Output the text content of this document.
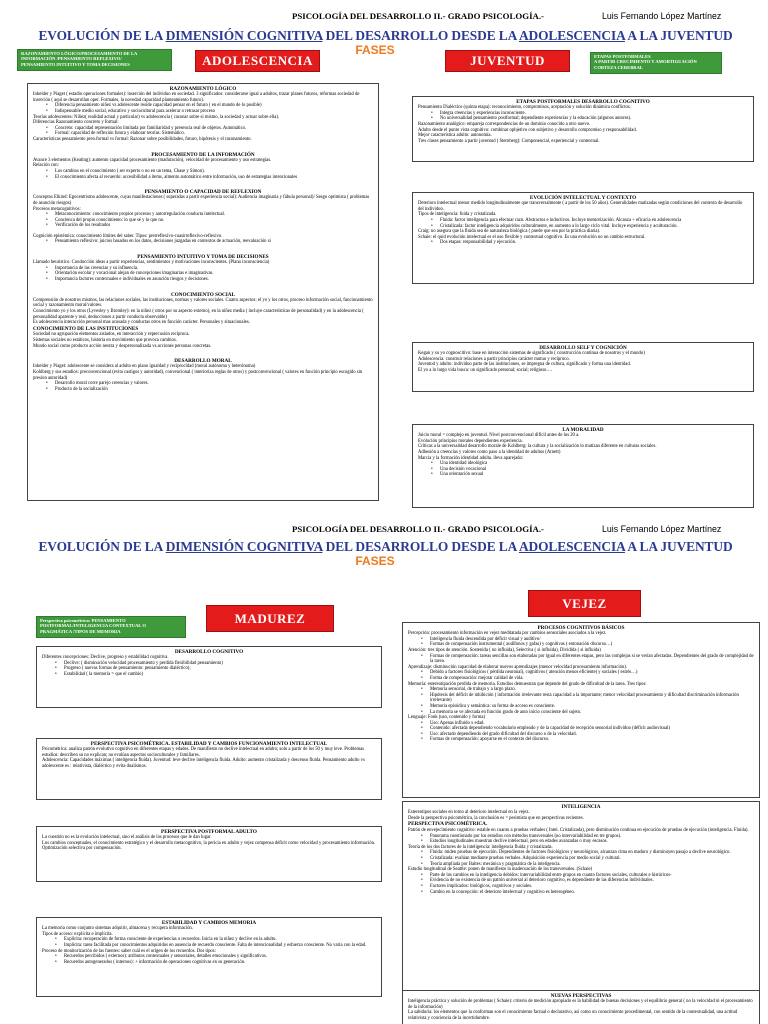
PSICOLOGÍA DEL DESARROLLO II.- GRADO PSICOLOGÍA.-	Luis Fernando López Martínez
EVOLUCIÓN DE LA DIMENSIÓN COGNITIVA DEL DESARROLLO DESDE LA ADOLESCENCIA A LA JUVENTUD
FASES
RAZONAMIENTO LÓGICO/PROCESAMIENTO DE LA
INFORMACIÓN /PENSAMIENTO REFLEXIVO/
PENSAMIENTO INTUITIVO Y TOMA DECISIONES	ADOLESCENCIA	JUVENTUD	ETAPAS POSTFORMALES
A PARTIR CRECIMIENTO Y AMORTIGUACIÓN
CORTEZA CEREBRAL
RAZONAMIENTO LÓGICO
Inhelder y Piaget ( estadio operaciones formales): inserción del individuo en sociedad. 3 significados: considerarse igual a adultos, trazar planes futuros, reformas sociedad de inserción ( aquí se desarrollan oper. Formales, la novedad capacidad planteamiento futuro).
• Diferencia pensamiento niñez vs adolescente reside capacidad pensar en el futuro ( en el mundo de lo posible)
• Indispensable medio social, educativo y sociocultural para acelerar o retrasar proceso
Teorías adolescentes: Niñez( realidad actual y particular) vs adolescencia ( razonar sobre si mismo, la sociedad y actuar sobre ella).
Diferencias Razonamiento concreto y formal:
• Concreto: capacidad representación limitada por familiaridad y presencia real de objetos. Automático.
• Formal: capacidad de reflexión futura y elaborar teorías. Sistemático.
Características pensamiento preo.formal vs formal: Razonar sobre posibilidades, futuro, hipótesis y el razonamiento.
PROCESAMIENTO DE LA INFORMACIÓN
Avance 3 elementos (Keating): aumento capacidad procesamiento (maduración), velocidad de procesamiento y uso estrategias.
Relación con:
• Los cambios en el conocimiento ( ser experto o no en un tema, Chase y Simon).
• El conocimiento afecta al recuerdo: accesibilidad a ítems, almento automático entre información, uso de estrategias intencionales
PENSAMIENTO O CAPACIDAD DE REFLEXION
Conceptos Elkind: Egocentrismo adolescente, cuyas manifestaciones ( superadas a partir experiencia social): Audiencia imaginaria y fábula personal)/ Sesgo optimista ( problemas de asunción riesgos)
Procesos metacognitivos:
• Metaconocimiento: conocimiento propios procesos y autorregulación conducta intelectual.
• Concienca del propio conocimiento: lo que sé y lo que no.
• Verificación de los resultados
Cognición epistémica: conocimiento límites del saber. Tipos: prerreflexivo-cuasirreflexivo-reflexivo.
• Pensamiento reflexivo: juicios basados en los datos, decisiones juzgadas en contextos de actuación, reevaluación si
PENSAMIENTO INTUITIVO Y TOMA DE DECISIONES
Llamado heurístico. Conducción ideas a partir experiencias, sentimientos y motivaciones inconscientes. (Plano inconsciencia)
• Importancia de las creencias y su influencia.
• Orientación escolar y vocacional alejan de concepciones imaginarias e imaginativas.
• Importancia factores contextuales e individuales en asunción riesgos y decisiones.
CONOCIMIENTO SOCIAL
Comprensión de nosotros mismos, las relaciones sociales, las instituciones, normas y valores sociales. Cuatro aspectos: el yo y los otros, proceso información social, funcionamiento social y razonamiento moral/valores.
Conocimiento yo y los otros (Lyvesley y Bromley): en la niñez ( otros por su aspecto externo), en la niñez media ( incluye características de personalidad) y en la adolescencia ( personalidad aparente y real, deducciones a partir conducta observable)
Es adolescencia interacción personal mas acusada y conductas otros en función carácter. Personales y situacionales.
CONOCIMIENTO DE LAS INSTITUCIONES
Sociedad no agrupación elementos aislados, en interacción y repercusión recíproca.
Sistemas sociales no estáticos, historia en movimiento que provoca cambios.
Mundo social como producto acción neutra y despersonalizada vs.acciones personas concretas.
DESARROLLO MORAL
Inhelder y Piaget: adolescente se considera al adulto en plano igualdad y reciprocidad (moral autónoma y heterónoma)
Kohlberg y sus estadios: preconvencional (evita castigos y autoridad), convencional ( interioriza reglas de otros) y postconvencional ( valores en función principio escogido sin presion autoridad)
• Desarrollo moral corre parejo creencias y valores.
• Producto de la socialización
ETAPAS POSTFORMALES DESARROLLO COGNITIVO
Pensamiento Dialéctico (quinta etapa): reconocimiento, compromisos, aceptación y solución dinámica conflictos.
• Integra creencias y experiencias inconsciente.
• No universalidad pensamiento postformal; dependiente experiencias y la educación (algunos autores).
Razonamiento analógico: empareja correspondencias de un dominio conocido a otro nuevo.
Adulto desde el punto vista cognitivo: combinar opbjetivo con subjetivo y desarrollo compromiso y responsabilidad.
Mejor característica adulto: autonomía.
Tres clases pensamiento a partir juventud ( Sternberg): Componencial, experiencial y contextual.
EVOLUCIÓN INTELECTUAL Y CONTEXTO
Deterioro intelectual menor medido longitudinalmente que transversalmente ( a partir de los 50 años). Generalidades matizadas según condiciones del contexto de desarrollo del individuo.
Tipos de inteligencia: fuida y cristalizada.
• Fluida: factor inteligencia para efectuar razn. Abstractos e inductivos. Incluye memorización. Alcanza + eficacia en adolescencia
• Cristalizada: factor inteligencia adquiridos culturalmente, en aumento a lo largo ciclo vital. Incluye experiencia y aculturación.
Craig: no asegura que la fluida sea de naturaleza biológica ( puede que sea por la práctica diaria).
Schaie: el quid evolución intelectual es el uso flexible y contextual cognitivo. Es una evolución no un cambio estructural.
• Dos etapas: responsabilidad y ejecución.
DESARROLLO SELF Y COGNICIÓN
Kegan y su yo cognoscitivo: base en interacción sistemas de significado ( construcción continua de nosotros y el mundo)
Adolescencia: construir relaciones a partir principios carácter mutuo y recíproco.
Juventud y adulto: individuo parte de las instituciones, se impregna de cultura, significado y forma una identidad.
El yo a lo largo vida busca: un significado personal; social; religioso….
LA MORALIDAD
Juicio moral = complejo en juventud. Nivel postconvencional difícil antes de los 20 a.
Evolución principios morales dependientes experiencia.
Críticas a la universalidad desarrollo morale de Kohlberg: la cultura y la socialización lo matizan diferente en culturas sociales.
Adhesión a creencias y valores como paso a la identidad de adultos (Arnett)
Marcia y la formación identidad adulta. lleva aparejado:
• Una identidad ideológica
• Una decisión vocacional
• Una orientación sexual
PSICOLOGÍA DEL DESARROLLO II.- GRADO PSICOLOGÍA.-	Luis Fernando López Martínez
EVOLUCIÓN DE LA DIMENSIÓN COGNITIVA DEL DESARROLLO DESDE LA ADOLESCENCIA A LA JUVENTUD
FASES
Perspectiva psicométrica: PENSAMIENTO
POSTFORMAL/INTELIGENCIA CONTEXTUAL O
PRAGMÁTICA /TIPOS DE MEMORIA
MADUREZ
VEJEZ
DESARROLLO COGNITIVO
Diferentes concepciones: Declive, progreso y estabilidad cognitiva.
• Declive: ( disminución velocidad procesamiento y perdida flexibilidad pensamiento)
• Progreso ( nuevas formas de pensamiento: pensamiento dialéctico);
• Estabilidad ( la memoria = que el cambio)
PERSPECTIVA PSICOMÉTRICA. ESTABILIDAD Y CAMBIOS FUNCIONAMIENTO INTELECTUAL
Psicométrica: analiza patrón evolutivo cognitivo en diferentes etapas y edades. De manifiesto no declive intelectual en adulto; solo a partir de los 50 y muy leve. Problemas estudios: describen su no explican; no evalúan aspectos socioculturales y familiares.
Adolescencia: Capacidades máximas ( inteligencia fluida). Juventud: leve declive inteligencia fluida. Adulto: aumento cristalizada y descenso fluida. Pensamiento adulto vs adolescente es : relativista, dialéctico y evita dualismos.
PERSPECTIVA POSTFORMAL ADULTO
La cuestión no es la evolución intelectual, sino el análisis de los procesos que le dan lugar.
Los cambios conceptuales, el conocimiento estratégico y el desarrollo metacognitivo, la pericia en adulto y vejez compensa déficit como velocidad y procesamiento información.
Optimización selectiva por compensación.
ESTABILIDAD Y CAMBIOS MEMORIA
La memoria como conjunto sistemas adquirir, almacena y recupera información.
Tipos de acceso: explícita e implícita.
• Explícita: recuperación de forma consciente de experiencias o recuerdos. Inicia en la niñez y declive en la adulto.
• Implícita: tarea facilitada por conocimientos adquiridos en ausencia de recuerdo consciente. Falta de intencionalidad y esfuerzo consciente. No varía con la edad.
Proceso de monitorización de las fuentes: saber cuál es el origen de los recuerdos. Dos tipos:
• Recuerdos percibidos ( externos): atributos contextuales y sensoriales, detalles emocionales y significativos.
• Recuerdos autogenerados ( internos): + información de operaciones cognitivas en su generación.
PROCESOS COGNITIVOS BÁSICOS
Percepción: procesamiento información en vejez meditatada por cambios sensoriales asociados a la vejez.
• Inteligencia fluida descendida por déficit visual y auditivo/
• Formas de compensación instrumental ( audífonos y gafas) y cognitivas ( entonación discurso…)
Atención: tres tipos de atención. Sostenida ( no influida), Selectiva ( si influida), Dividida ( si influida)
• Formas de compensación: tareas sencillas son elaboradas por igual en diferentes etapas, pero las complejas si se verían afectadas. Dependientes del grado de complejidad de la tarea.
Aprendizaje: disminución capacidad de elaborar nuevos aprendizajes (menor velocidad procesamiento información).
• Debido a factores fisiológicos ( pérdida neuronal), cognitivos ( atención menos eficiente) y sociales ( estrés…)
• Forma de compensación: mejorar calidad de vida.
Memoria: estereotipación perdida de memoria. Estudios demuestran que depende del grado de dificultad de la tarea. Tres tipos:
• Memoria sensorial, de trabajo y a largo plazo.
• Hipótesis del déficit de inhibición ( información irrelevante resta capacidad a la importante; menor velocidad procesamiento y dificultad discriminación información irrelevante)
• Memoria episódica y semántica: su forma de acceso es consciente.
• La memoria se ve afectada en función grado de auto inicio consciente del sujeto.
Lenguaje: Fonk (uso, contenido y forma)
• Uso: Apenas influido x edad.
• Contenido: afectada dependiendo vocabulario empleado y de la capacidad de recepción sensorial individuo (déficit audiovisual)
• Uso: afectado dependiendo del grado dificultad del discurso o de la velocidad.
• Formas de compensación: apoyarse en el contexto del discurso.
INTELIGENCIA
Estereotipos sociales en torno al deterioro intelectual en la vejez.
Desde la perspectiva psicométrica, la conclusión es = pesimista que en perspectivas recientes.
PERSPECTIVA PSICOMÉTRICA.
Patrón de envejecimiento cognitivo: estable en cuanto a pruebas verbales ( Intel. Cristalizada), pero disminución continua en ejecución de pruebas de ejecución (inteligencia. Fluida).
• Panorama cuestionado por los estudios con métodos transversales (no intervariabilidad en tre grupos).
• Estudios longitudinales muestran declive intelectual, pero en edades avanzadas o muy escasos.
Teoría de los dos factores de la inteligencia: inteligencia fluida y cristalizada.
• Fluida: miden pruebas de ejecución. Dependientes de factores fisiológicos y neurológicos, alcanzan cima en maduro y disminuyen pasajo a declive neurológico.
• Cristalizada: evalúan mediante pruebas verbales. Adquisición experiencia por medio social y cultural.
• Teoría ampliada por Baltes: mecánica y pragmática de la inteligencia.
Estudio longitudinal de Seattle: ponen de manifiesto la inadecuación de los transversales. (Schaie)
• Parte de los cambios en la inteligencia debidos: intervariabilidad entre grupos en cuanto factores sociales, culturales e históricos-
• Evidencia de no existencia de un patrón universal al deterioro cognitivo, es dependiente de las diferencias individuales.
• Factores implicados: biológicos, cognitivos y sociales.
• Cambio en la concepción: el deterioro intelectual y cognitivo es heterogéneo.
NUEVAS PERSPECTIVAS
Inteligencia práctica y solución de problemas ( Schaie): criterio de medición apropiado es la habilidad de buenas decisiones y el equilibrio general ( no la velocidad ni el procesamiento de la información)
La sabiduría: los elementos que la conforman son el conocimiento factual o declarativo, así como un conocimiento procedimental, con sentido de la contextualidad, una actitud relativista y conciencia de la incertidumbre.
